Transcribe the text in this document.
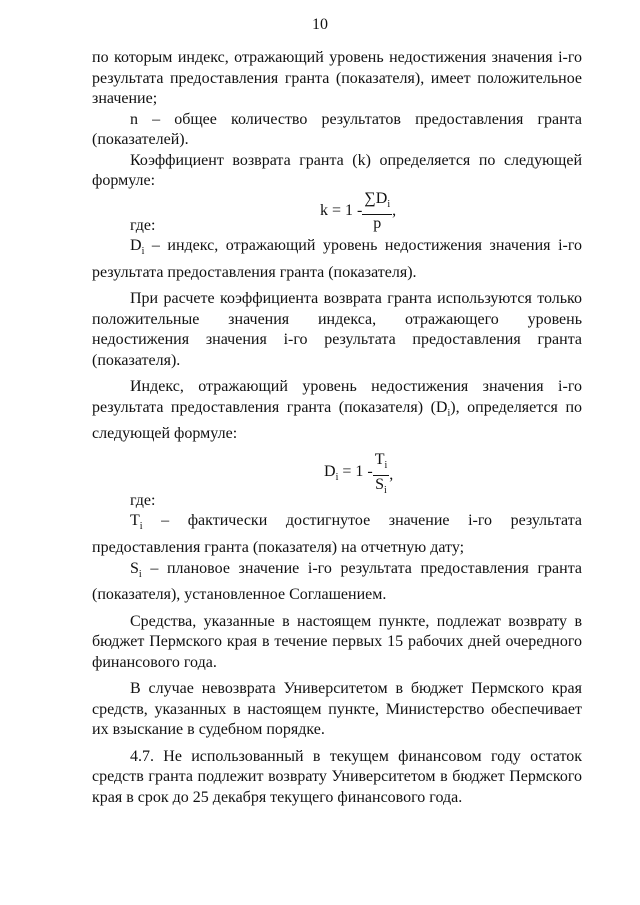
10

по которым индекс, отражающий уровень недостижения значения i-го результата предоставления гранта (показателя), имеет положительное значение;

n – общее количество результатов предоставления гранта (показателей).

Коэффициент возврата гранта (k) определяется по следующей формуле:

$k = 1 - \frac{\sum D_i}{p}$ ,

где:

$D_i$ – индекс, отражающий уровень недостижения значения i-го результата предоставления гранта (показателя).

При расчете коэффициента возврата гранта используются только положительные значения индекса, отражающего уровень недостижения значения i-го результата предоставления гранта (показателя).

Индекс, отражающий уровень недостижения значения i-го результата предоставления гранта (показателя) $(D_i)$, определяется по следующей формуле:

$D_i = 1 - \frac{T_i}{S_i}$ ,

где:

$T_i$ – фактически достигнутое значение i-го результата предоставления гранта (показателя) на отчетную дату;

$S_i$ – плановое значение i-го результата предоставления гранта (показателя), установленное Соглашением.

Средства, указанные в настоящем пункте, подлежат возврату в бюджет Пермского края в течение первых 15 рабочих дней очередного финансового года.

В случае невозврата Университетом в бюджет Пермского края средств, указанных в настоящем пункте, Министерство обеспечивает их взыскание в судебном порядке.

4.7. Не использованный в текущем финансовом году остаток средств гранта подлежит возврату Университетом в бюджет Пермского края в срок до 25 декабря текущего финансового года.
